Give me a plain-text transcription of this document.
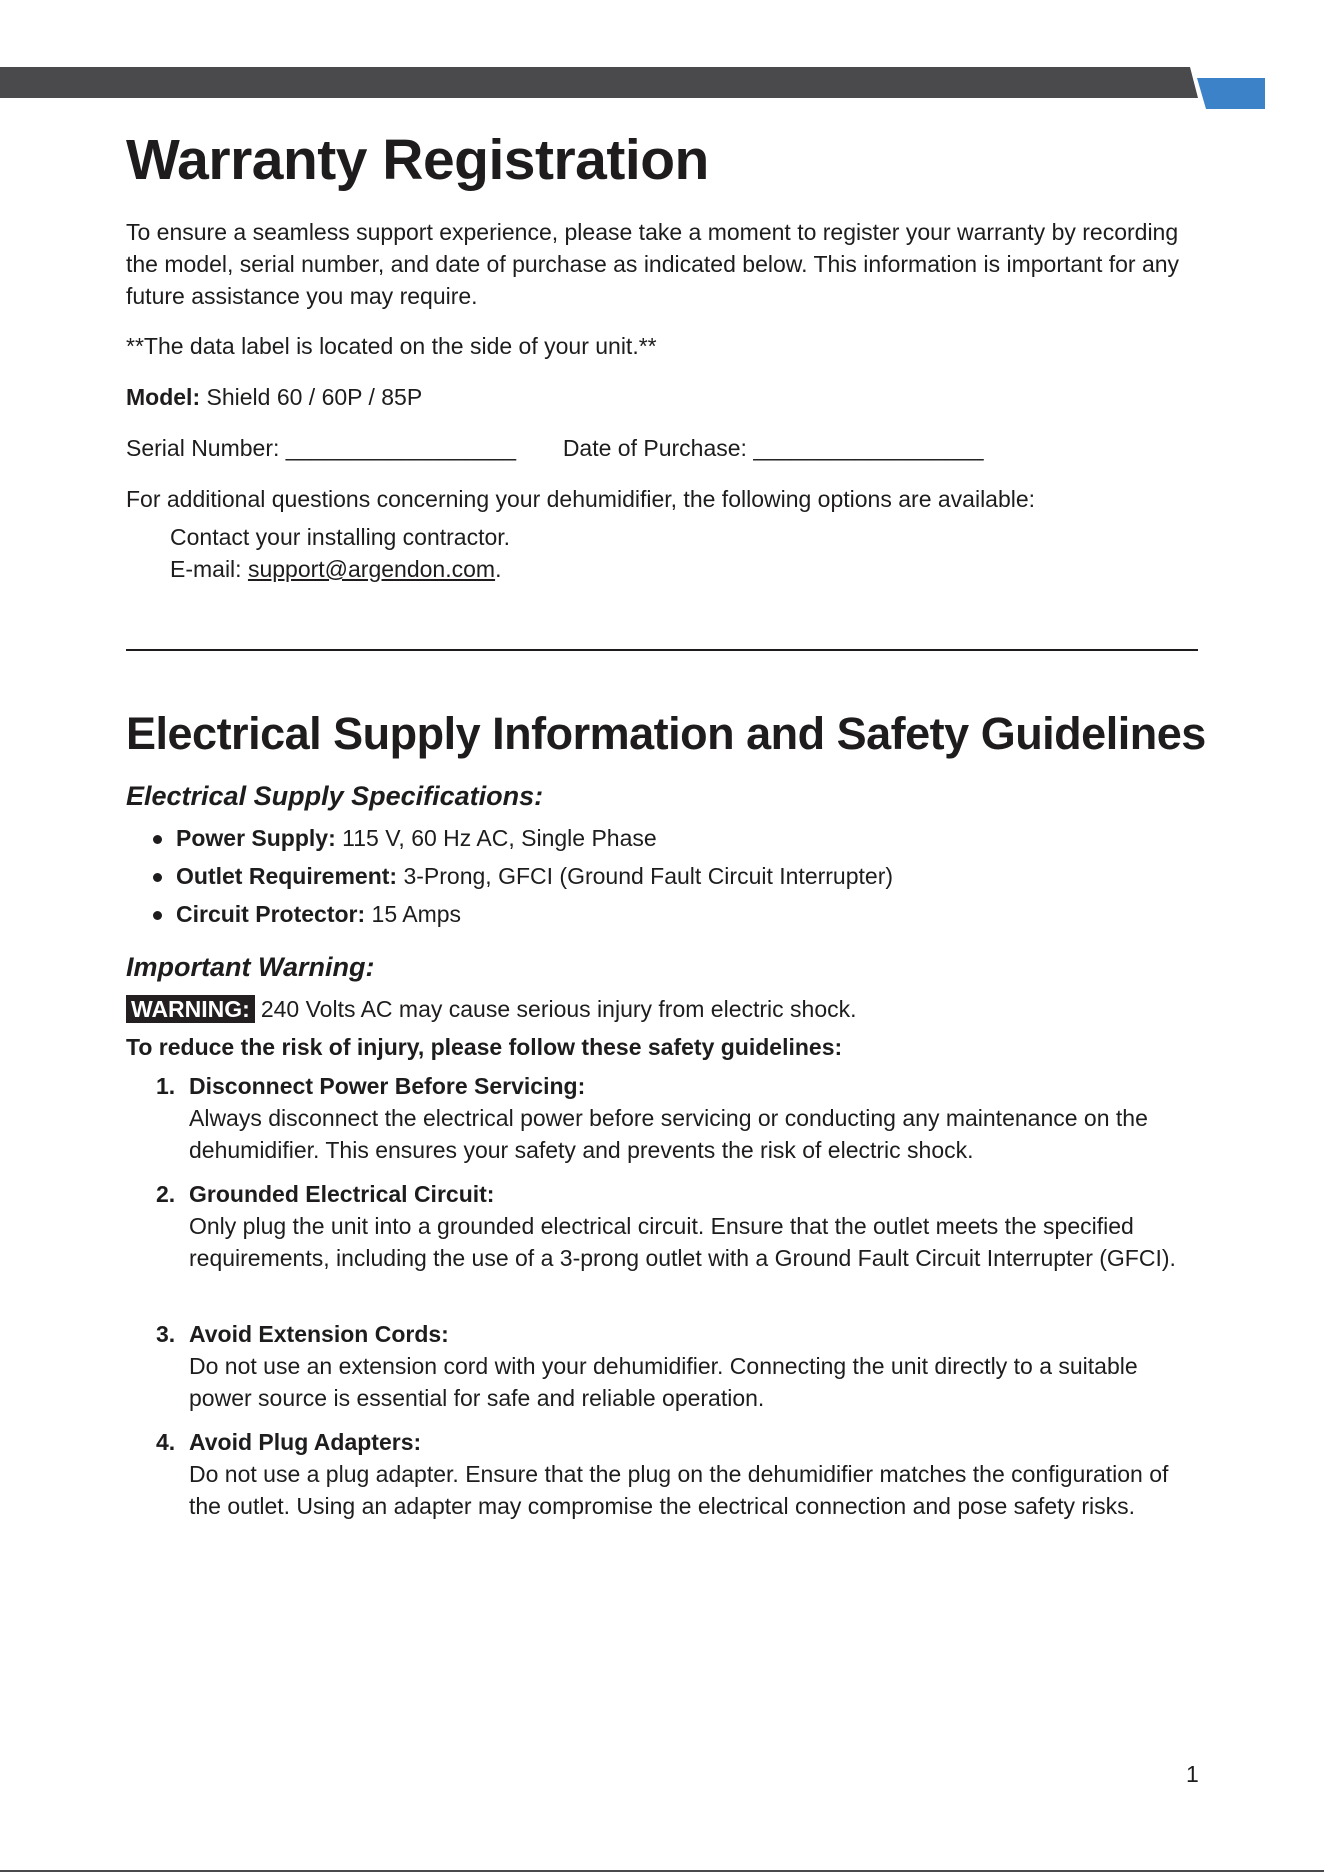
Warranty Registration

To ensure a seamless support experience, please take a moment to register your warranty by recording the model, serial number, and date of purchase as indicated below. This information is important for any future assistance you may require.

**The data label is located on the side of your unit.**

Model: Shield 60 / 60P / 85P

Serial Number: __________________ Date of Purchase: __________________

For additional questions concerning your dehumidifier, the following options are available:

Contact your installing contractor.

E-mail: support@argendon.com.

Electrical Supply Information and Safety Guidelines
Electrical Supply Specifications:
Power Supply: 115 V, 60 Hz AC, Single Phase
Outlet Requirement: 3-Prong, GFCI (Ground Fault Circuit Interrupter)
Circuit Protector: 15 Amps
Important Warning:

WARNING: 240 Volts AC may cause serious injury from electric shock.

To reduce the risk of injury, please follow these safety guidelines:

1. Disconnect Power Before Servicing:
Always disconnect the electrical power before servicing or conducting any maintenance on the dehumidifier. This ensures your safety and prevents the risk of electric shock.
2. Grounded Electrical Circuit:
Only plug the unit into a grounded electrical circuit. Ensure that the outlet meets the specified requirements, including the use of a 3-prong outlet with a Ground Fault Circuit Interrupter (GFCI).
3. Avoid Extension Cords:
Do not use an extension cord with your dehumidifier. Connecting the unit directly to a suitable power source is essential for safe and reliable operation.
4. Avoid Plug Adapters:
Do not use a plug adapter. Ensure that the plug on the dehumidifier matches the configuration of the outlet. Using an adapter may compromise the electrical connection and pose safety risks.
1
